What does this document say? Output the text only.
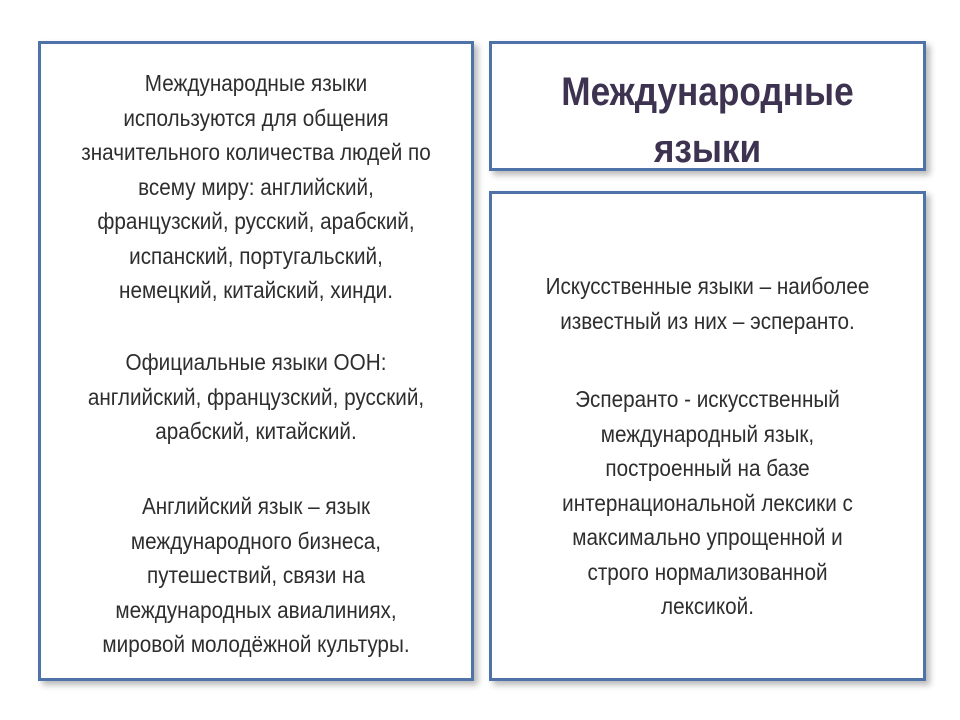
Международные языки
используются для общения
значительного количества людей по
всему миру: английский,
французский, русский, арабский,
испанский, португальский,
немецкий, китайский, хинди.
Официальные языки ООН:
английский, французский, русский,
арабский, китайский.
Английский язык – язык
международного бизнеса,
путешествий, связи на
международных авиалиниях,
мировой молодёжной культуры.
Международные
языки
Искусственные языки – наиболее
известный из них – эсперанто.
Эсперанто - искусственный
международный язык,
построенный на базе
интернациональной лексики с
максимально упрощенной и
строго нормализованной
лексикой.
